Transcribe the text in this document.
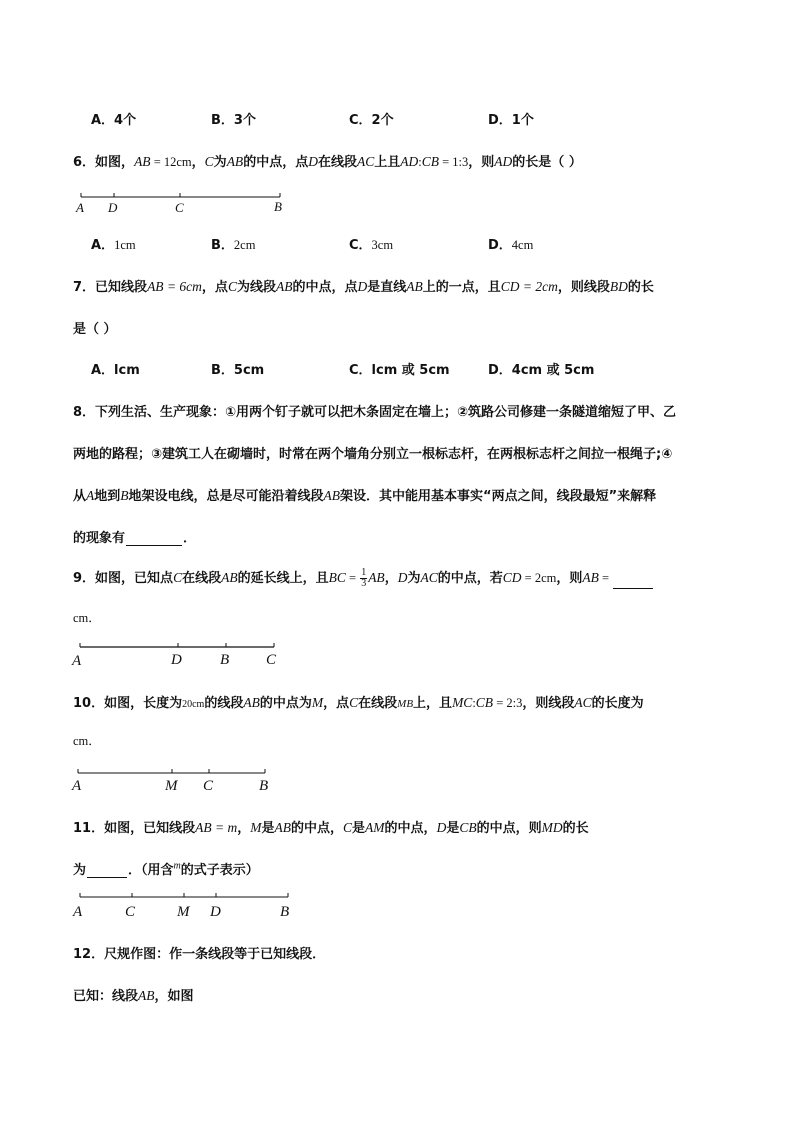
A．4个	B．3个	C．2个	D．1个
6．如图，AB = 12cm，C为AB的中点，点D在线段AC上且AD:CB = 1:3，则AD的长是（ ）
A D	C	B
A．1cm	B．2cm	C．3cm	D．4cm
7．已知线段AB = 6cm，点C为线段AB的中点，点D是直线AB上的一点，且CD = 2cm，则线段BD的长
是（ ）
A．lcm	B．5cm	C．lcm 或 5cm	D．4cm 或 5cm
8．下列生活、生产现象：①用两个钉子就可以把木条固定在墙上；②筑路公司修建一条隧道缩短了甲、乙
两地的路程；③建筑工人在砌墙时，时常在两个墙角分别立一根标志杆，在两根标志杆之间拉一根绳子;④
从A地到B地架设电线，总是尽可能沿着线段AB架设．其中能用基本事实“两点之间，线段最短”来解释
的现象有	．
9．如图，已知点C在线段AB的延长线上，且BC = $\frac{1}{3}$ AB，D为AC的中点，若CD = 2cm，则AB =
cm．
A	D	B C
10．如图，长度为20cm的线段AB的中点为M，点C在线段MB上，且MC:CB = 2:3，则线段AC的长度为
cm．
A	M C	B
11．如图，已知线段AB = m，M是AB的中点，C是AM的中点，D是CB的中点，则MD的长
为	．（用含$^m$的式子表示）
A	C	M D	B
12．尺规作图：作一条线段等于已知线段．
已知：线段AB，如图
